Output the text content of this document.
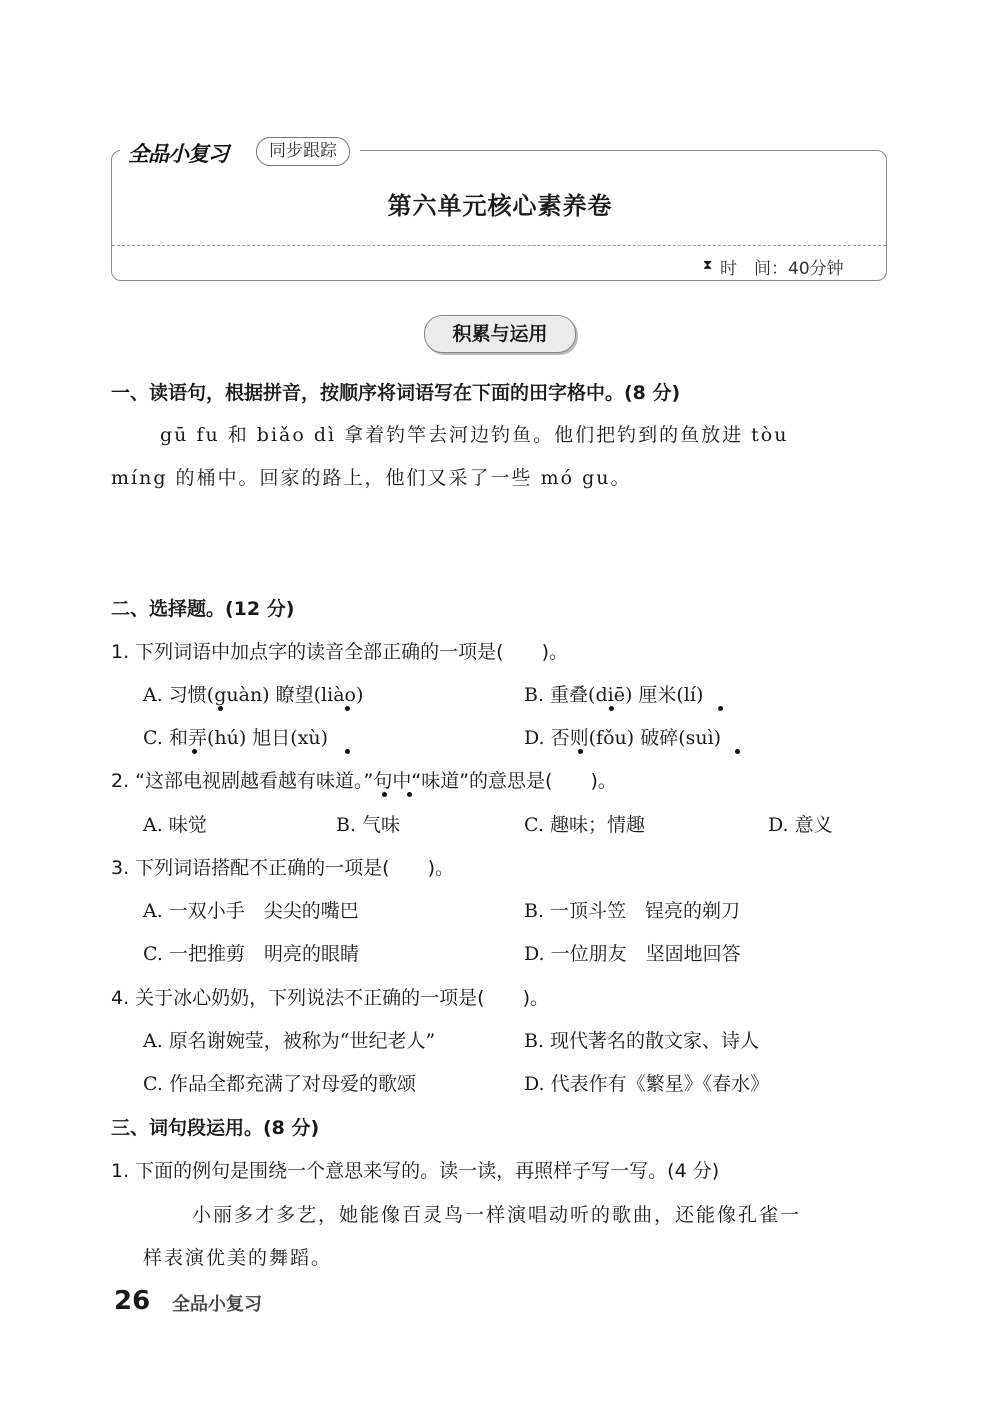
全品小复习	同步跟踪
第六单元核心素养卷
⧗ 时　间：40分钟
积累与运用
一、读语句，根据拼音，按顺序将词语写在下面的田字格中。(8 分)
gū fu 和 biǎo dì 拿着钓竿去河边钓鱼。他们把钓到的鱼放进 tòu
míng 的桶中。回家的路上，他们又采了一些 mó gu。
二、选择题。(12 分)
1. 下列词语中加点字的读音全部正确的一项是(　　)。
A. 习惯(guàn) 瞭望(liào)	B. 重叠(diē) 厘米(lí)
C. 和弄(hú) 旭日(xù)	D. 否则(fǒu) 破碎(suì)
2. “这部电视剧越看越有味道。”句中“味道”的意思是(　　)。
A. 味觉	B. 气味	C. 趣味；情趣	D. 意义
3. 下列词语搭配不正确的一项是(　　)。
A. 一双小手　尖尖的嘴巴	B. 一顶斗笠　锃亮的剃刀
C. 一把推剪　明亮的眼睛	D. 一位朋友　坚固地回答
4. 关于冰心奶奶，下列说法不正确的一项是(　　)。
A. 原名谢婉莹，被称为“世纪老人”	B. 现代著名的散文家、诗人
C. 作品全都充满了对母爱的歌颂	D. 代表作有《繁星》《春水》
三、词句段运用。(8 分)
1. 下面的例句是围绕一个意思来写的。读一读，再照样子写一写。(4 分)
小丽多才多艺，她能像百灵鸟一样演唱动听的歌曲，还能像孔雀一
样表演优美的舞蹈。
26 全品小复习
